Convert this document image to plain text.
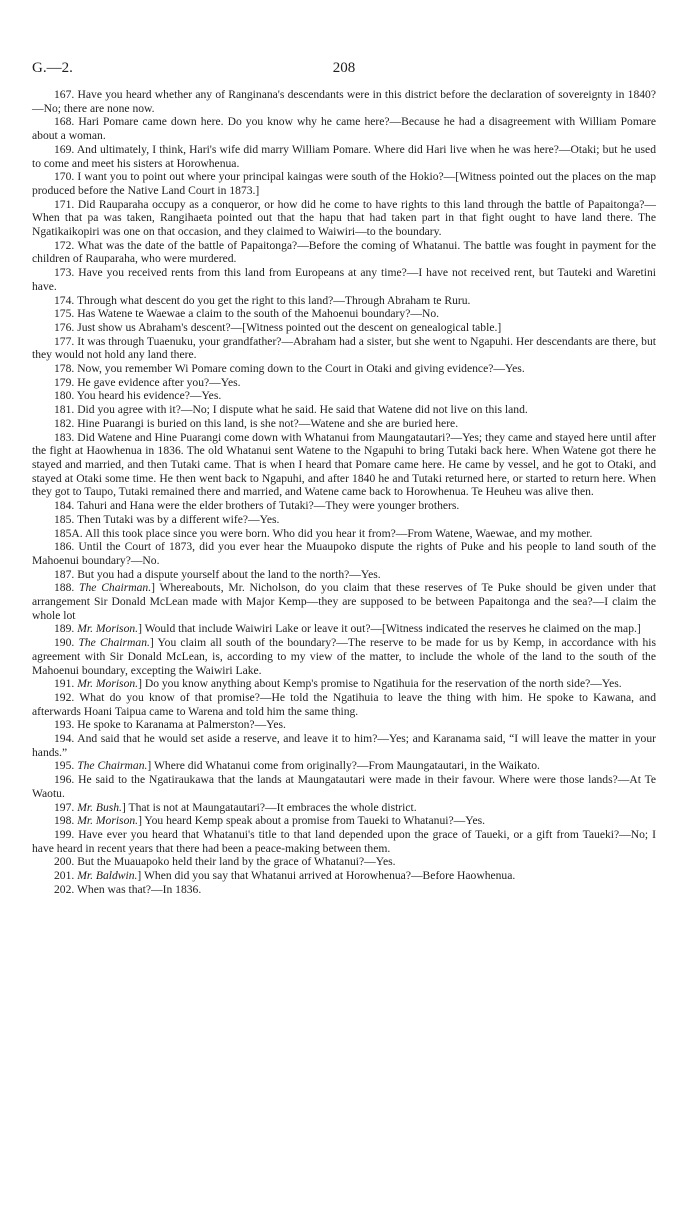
G.—2.	208

167. Have you heard whether any of Ranginana's descendants were in this district before the declaration of sovereignty in 1840?—No; there are none now.

168. Hari Pomare came down here. Do you know why he came here?—Because he had a disagreement with William Pomare about a woman.

169. And ultimately, I think, Hari's wife did marry William Pomare. Where did Hari live when he was here?—Otaki; but he used to come and meet his sisters at Horowhenua.

170. I want you to point out where your principal kaingas were south of the Hokio?—[Witness pointed out the places on the map produced before the Native Land Court in 1873.]

171. Did Rauparaha occupy as a conqueror, or how did he come to have rights to this land through the battle of Papaitonga?—When that pa was taken, Rangihaeta pointed out that the hapu that had taken part in that fight ought to have land there. The Ngatikaikopiri was one on that occasion, and they claimed to Waiwiri—to the boundary.

172. What was the date of the battle of Papaitonga?—Before the coming of Whatanui. The battle was fought in payment for the children of Rauparaha, who were murdered.

173. Have you received rents from this land from Europeans at any time?—I have not received rent, but Tauteki and Waretini have.

174. Through what descent do you get the right to this land?—Through Abraham te Ruru.

175. Has Watene te Waewae a claim to the south of the Mahoenui boundary?—No.

176. Just show us Abraham's descent?—[Witness pointed out the descent on genealogical table.]

177. It was through Tuaenuku, your grandfather?—Abraham had a sister, but she went to Ngapuhi. Her descendants are there, but they would not hold any land there.

178. Now, you remember Wi Pomare coming down to the Court in Otaki and giving evidence?—Yes.

179. He gave evidence after you?—Yes.

180. You heard his evidence?—Yes.

181. Did you agree with it?—No; I dispute what he said. He said that Watene did not live on this land.

182. Hine Puarangi is buried on this land, is she not?—Watene and she are buried here.

183. Did Watene and Hine Puarangi come down with Whatanui from Maungatautari?—Yes; they came and stayed here until after the fight at Haowhenua in 1836. The old Whatanui sent Watene to the Ngapuhi to bring Tutaki back here. When Watene got there he stayed and married, and then Tutaki came. That is when I heard that Pomare came here. He came by vessel, and he got to Otaki, and stayed at Otaki some time. He then went back to Ngapuhi, and after 1840 he and Tutaki returned here, or started to return here. When they got to Taupo, Tutaki remained there and married, and Watene came back to Horowhenua. Te Heuheu was alive then.

184. Tahuri and Hana were the elder brothers of Tutaki?—They were younger brothers.

185. Then Tutaki was by a different wife?—Yes.

185A. All this took place since you were born. Who did you hear it from?—From Watene, Waewae, and my mother.

186. Until the Court of 1873, did you ever hear the Muaupoko dispute the rights of Puke and his people to land south of the Mahoenui boundary?—No.

187. But you had a dispute yourself about the land to the north?—Yes.

188. The Chairman.] Whereabouts, Mr. Nicholson, do you claim that these reserves of Te Puke should be given under that arrangement Sir Donald McLean made with Major Kemp—they are supposed to be between Papaitonga and the sea?—I claim the whole lot

189. Mr. Morison.] Would that include Waiwiri Lake or leave it out?—[Witness indicated the reserves he claimed on the map.]

190. The Chairman.] You claim all south of the boundary?—The reserve to be made for us by Kemp, in accordance with his agreement with Sir Donald McLean, is, according to my view of the matter, to include the whole of the land to the south of the Mahoenui boundary, excepting the Waiwiri Lake.

191. Mr. Morison.] Do you know anything about Kemp's promise to Ngatihuia for the reservation of the north side?—Yes.

192. What do you know of that promise?—He told the Ngatihuia to leave the thing with him. He spoke to Kawana, and afterwards Hoani Taipua came to Warena and told him the same thing.

193. He spoke to Karanama at Palmerston?—Yes.

194. And said that he would set aside a reserve, and leave it to him?—Yes; and Karanama said, “I will leave the matter in your hands.”

195. The Chairman.] Where did Whatanui come from originally?—From Maungatautari, in the Waikato.

196. He said to the Ngatiraukawa that the lands at Maungatautari were made in their favour. Where were those lands?—At Te Waotu.

197. Mr. Bush.] That is not at Maungatautari?—It embraces the whole district.

198. Mr. Morison.] You heard Kemp speak about a promise from Taueki to Whatanui?—Yes.

199. Have ever you heard that Whatanui's title to that land depended upon the grace of Taueki, or a gift from Taueki?—No; I have heard in recent years that there had been a peace-making between them.

200. But the Muauapoko held their land by the grace of Whatanui?—Yes.

201. Mr. Baldwin.] When did you say that Whatanui arrived at Horowhenua?—Before Haowhenua.

202. When was that?—In 1836.
